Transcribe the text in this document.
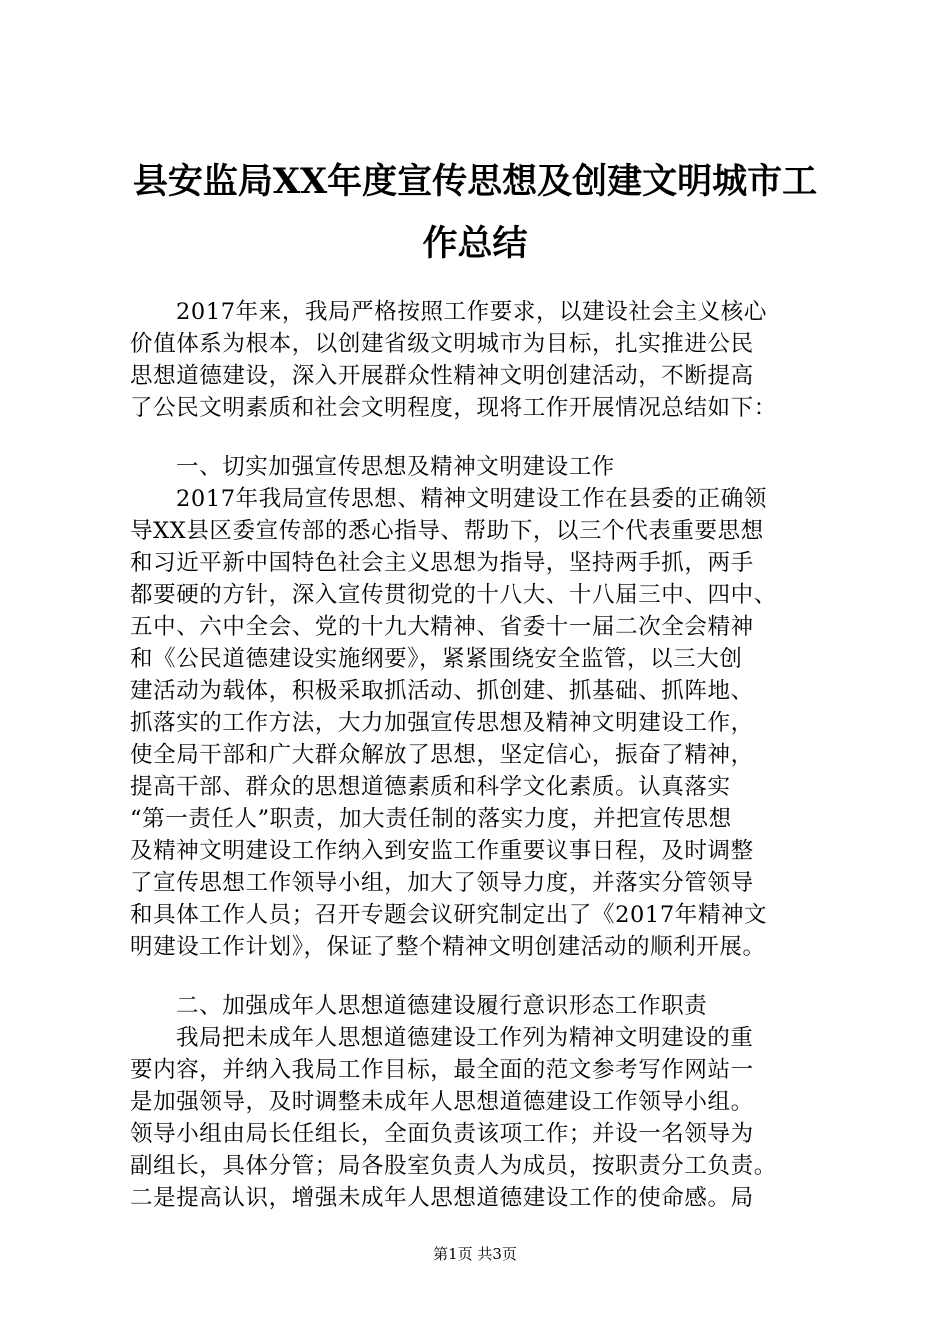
县安监局XX年度宣传思想及创建文明城市工
作总结
2017年来，我局严格按照工作要求，以建设社会主义核心
价值体系为根本，以创建省级文明城市为目标，扎实推进公民
思想道德建设，深入开展群众性精神文明创建活动，不断提高
了公民文明素质和社会文明程度，现将工作开展情况总结如下：
一、切实加强宣传思想及精神文明建设工作
2017年我局宣传思想、精神文明建设工作在县委的正确领
导XX县区委宣传部的悉心指导、帮助下，以三个代表重要思想
和习近平新中国特色社会主义思想为指导，坚持两手抓，两手
都要硬的方针，深入宣传贯彻党的十八大、十八届三中、四中、
五中、六中全会、党的十九大精神、省委十一届二次全会精神
和《公民道德建设实施纲要》，紧紧围绕安全监管，以三大创
建活动为载体，积极采取抓活动、抓创建、抓基础、抓阵地、
抓落实的工作方法，大力加强宣传思想及精神文明建设工作，
使全局干部和广大群众解放了思想，坚定信心，振奋了精神，
提高干部、群众的思想道德素质和科学文化素质。认真落实
“第一责任人”职责，加大责任制的落实力度，并把宣传思想
及精神文明建设工作纳入到安监工作重要议事日程，及时调整
了宣传思想工作领导小组，加大了领导力度，并落实分管领导
和具体工作人员；召开专题会议研究制定出了《2017年精神文
明建设工作计划》，保证了整个精神文明创建活动的顺利开展。
二、加强成年人思想道德建设履行意识形态工作职责
我局把未成年人思想道德建设工作列为精神文明建设的重
要内容，并纳入我局工作目标，最全面的范文参考写作网站一
是加强领导，及时调整未成年人思想道德建设工作领导小组。
领导小组由局长任组长，全面负责该项工作；并设一名领导为
副组长，具体分管；局各股室负责人为成员，按职责分工负责。
二是提高认识，增强未成年人思想道德建设工作的使命感。局
第1页 共3页
